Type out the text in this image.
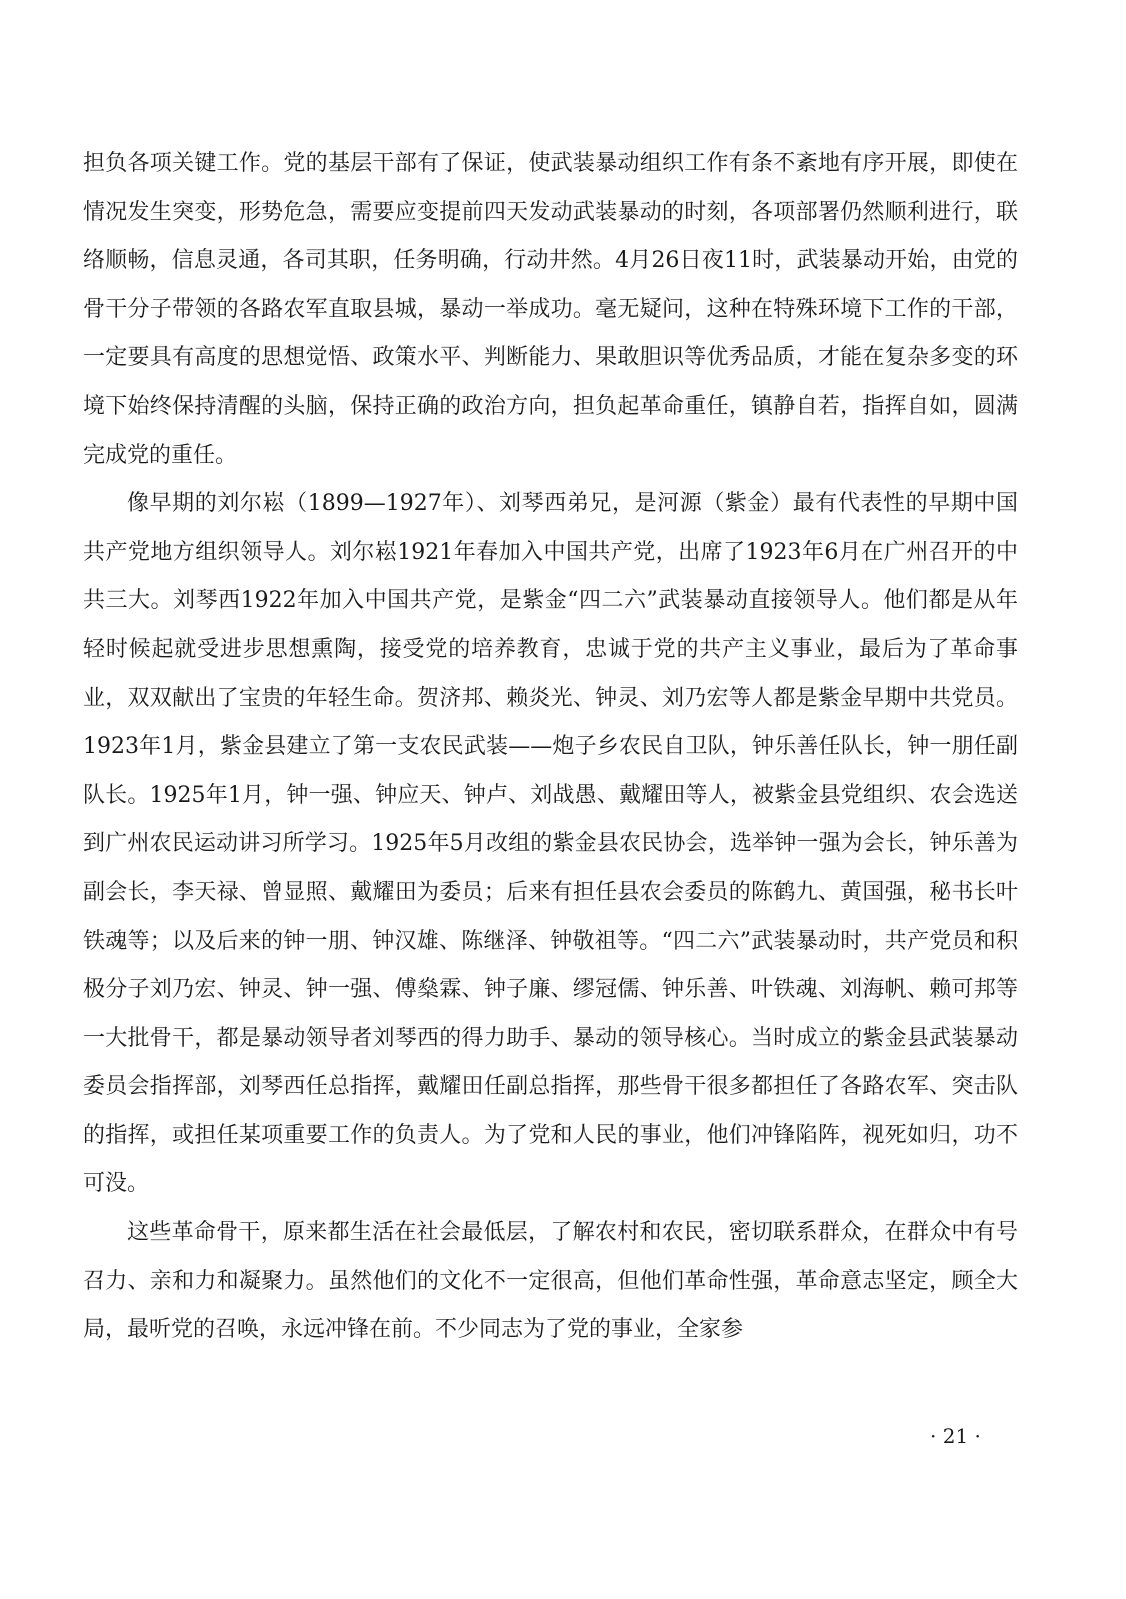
担负各项关键工作。党的基层干部有了保证，使武装暴动组织工作有条不紊地有序开展，即使在情况发生突变，形势危急，需要应变提前四天发动武装暴动的时刻，各项部署仍然顺利进行，联络顺畅，信息灵通，各司其职，任务明确，行动井然。4月26日夜11时，武装暴动开始，由党的骨干分子带领的各路农军直取县城，暴动一举成功。毫无疑问，这种在特殊环境下工作的干部，一定要具有高度的思想觉悟、政策水平、判断能力、果敢胆识等优秀品质，才能在复杂多变的环境下始终保持清醒的头脑，保持正确的政治方向，担负起革命重任，镇静自若，指挥自如，圆满完成党的重任。

像早期的刘尔崧（1899—1927年）、刘琴西弟兄，是河源（紫金）最有代表性的早期中国共产党地方组织领导人。刘尔崧1921年春加入中国共产党，出席了1923年6月在广州召开的中共三大。刘琴西1922年加入中国共产党，是紫金“四二六”武装暴动直接领导人。他们都是从年轻时候起就受进步思想熏陶，接受党的培养教育，忠诚于党的共产主义事业，最后为了革命事业，双双献出了宝贵的年轻生命。贺济邦、赖炎光、钟灵、刘乃宏等人都是紫金早期中共党员。1923年1月，紫金县建立了第一支农民武装——炮子乡农民自卫队，钟乐善任队长，钟一朋任副队长。1925年1月，钟一强、钟应天、钟卢、刘战愚、戴耀田等人，被紫金县党组织、农会选送到广州农民运动讲习所学习。1925年5月改组的紫金县农民协会，选举钟一强为会长，钟乐善为副会长，李天禄、曾显照、戴耀田为委员；后来有担任县农会委员的陈鹤九、黄国强，秘书长叶铁魂等；以及后来的钟一朋、钟汉雄、陈继泽、钟敬祖等。“四二六”武装暴动时，共产党员和积极分子刘乃宏、钟灵、钟一强、傅燊霖、钟子廉、缪冠儒、钟乐善、叶铁魂、刘海帆、赖可邦等一大批骨干，都是暴动领导者刘琴西的得力助手、暴动的领导核心。当时成立的紫金县武装暴动委员会指挥部，刘琴西任总指挥，戴耀田任副总指挥，那些骨干很多都担任了各路农军、突击队的指挥，或担任某项重要工作的负责人。为了党和人民的事业，他们冲锋陷阵，视死如归，功不可没。

这些革命骨干，原来都生活在社会最低层，了解农村和农民，密切联系群众，在群众中有号召力、亲和力和凝聚力。虽然他们的文化不一定很高，但他们革命性强，革命意志坚定，顾全大局，最听党的召唤，永远冲锋在前。不少同志为了党的事业，全家参

· 21 ·
